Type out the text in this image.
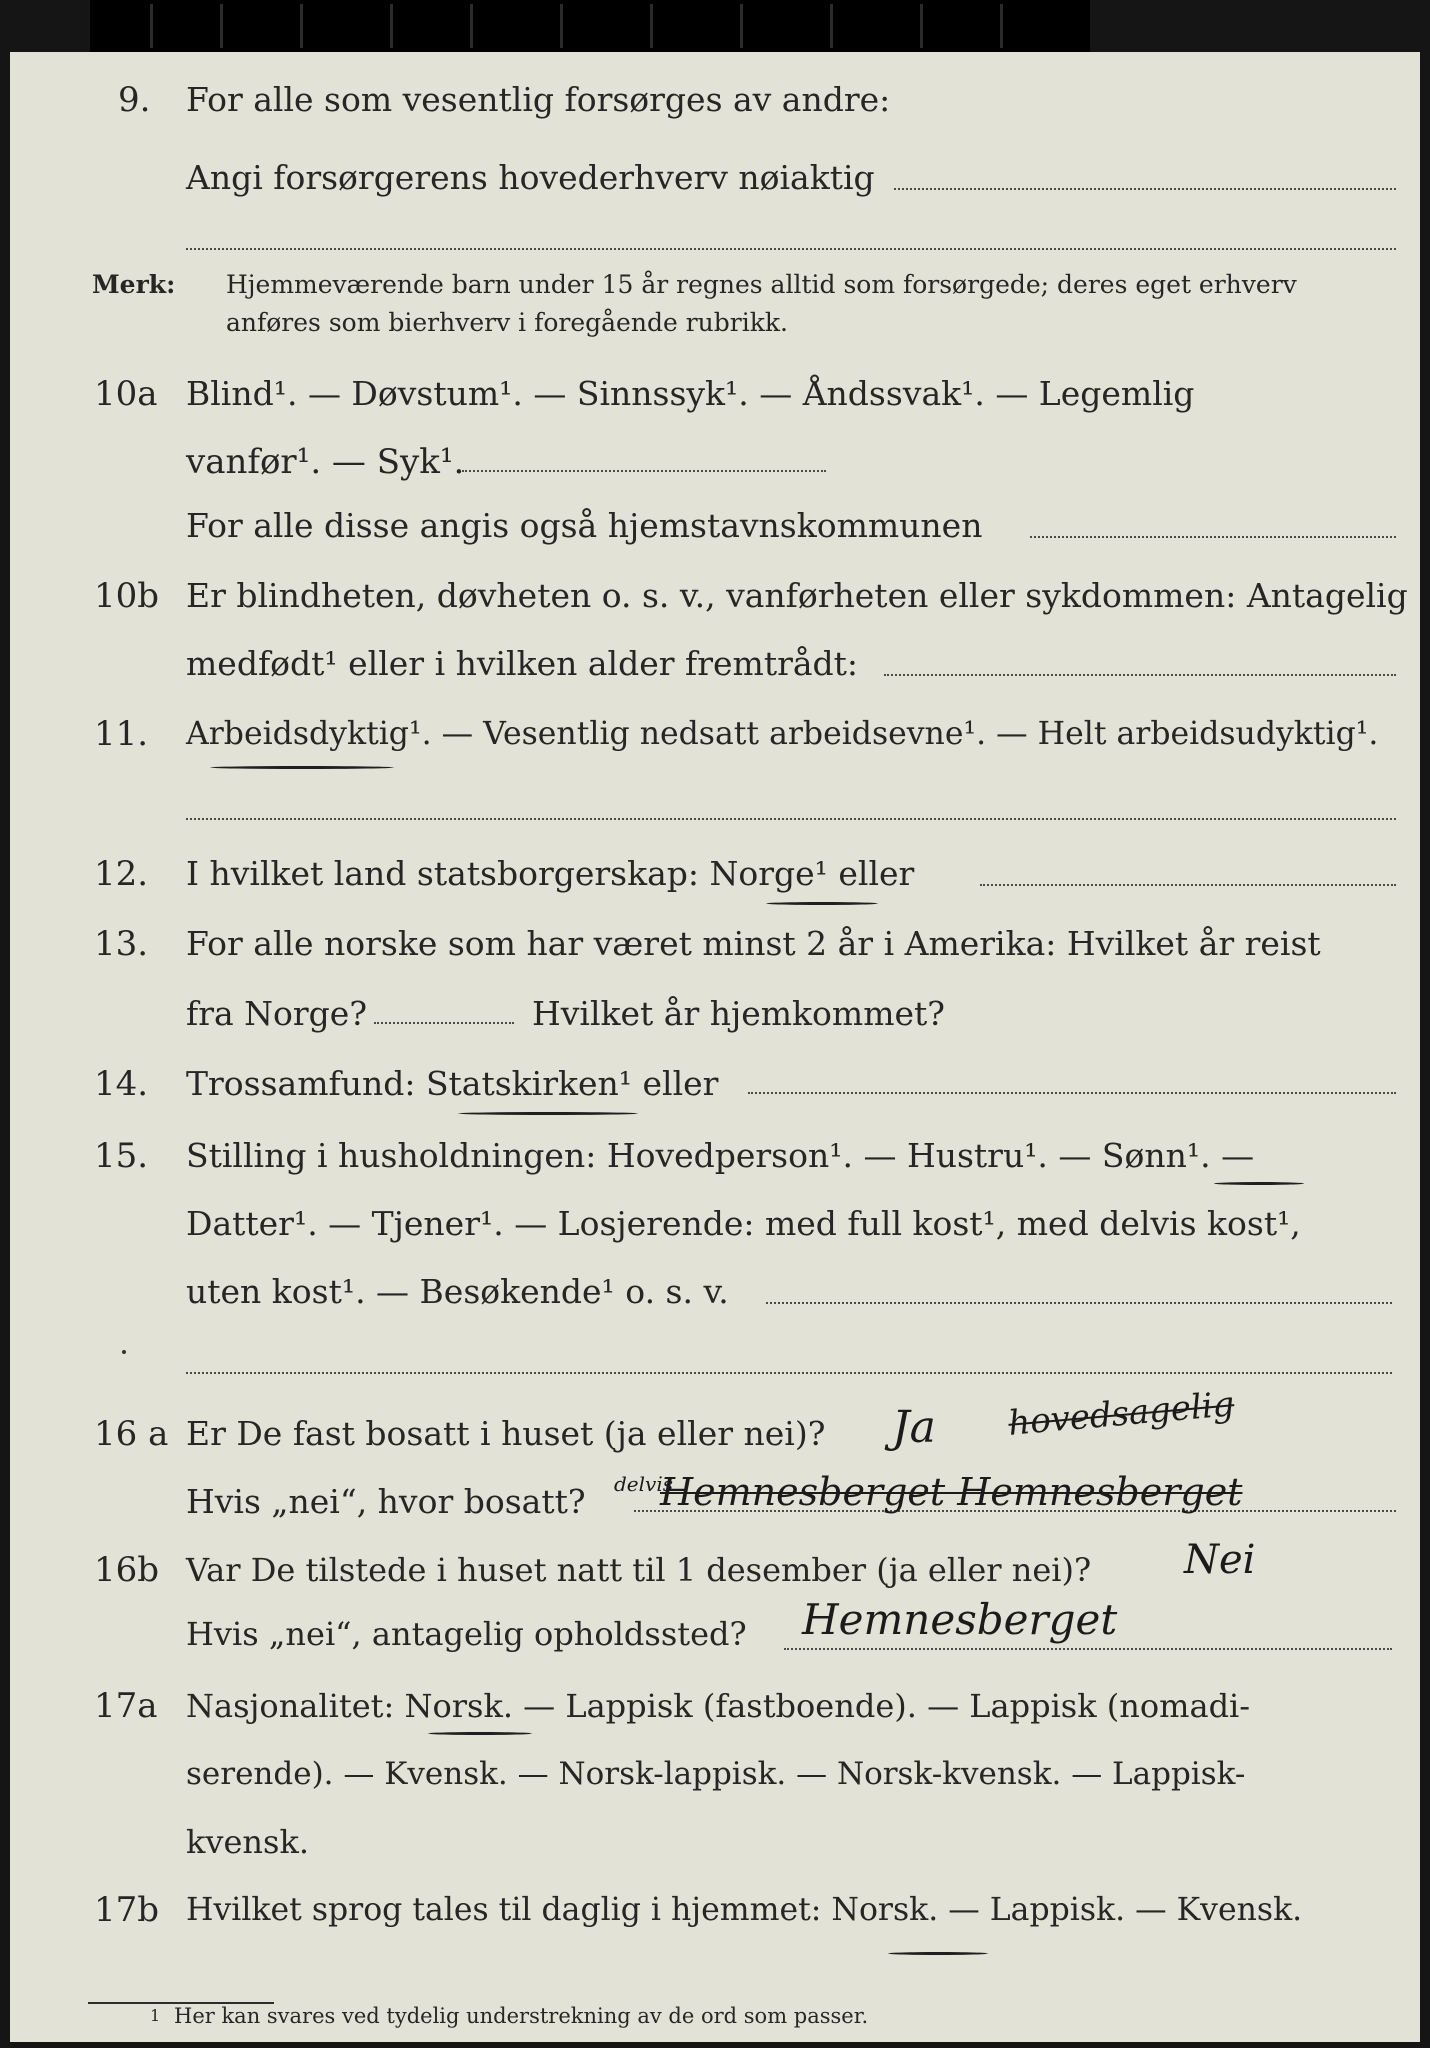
9. For alle som vesentlig forsørges av andre:
Angi forsørgerens hovederhverv nøiaktig
Merk: Hjemmeværende barn under 15 år regnes alltid som forsørgede; deres eget erhverv
anføres som bierhverv i foregående rubrikk.
10a Blind¹. — Døvstum¹. — Sinnssyk¹. — Åndssvak¹. — Legemlig
vanfør¹. — Syk¹.
For alle disse angis også hjemstavnskommunen
10b Er blindheten, døvheten o. s. v., vanførheten eller sykdommen: Antagelig
medfødt¹ eller i hvilken alder fremtrådt:
11. Arbeidsdyktig¹. — Vesentlig nedsatt arbeidsevne¹. — Helt arbeidsudyktig¹.
12. I hvilket land statsborgerskap: Norge¹ eller
13. For alle norske som har været minst 2 år i Amerika: Hvilket år reist
fra Norge?	Hvilket år hjemkommet?
14. Trossamfund: Statskirken¹ eller
15. Stilling i husholdningen: Hovedperson¹. — Hustru¹. — Sønn¹. —
Datter¹. — Tjener¹. — Losjerende: med full kost¹, med delvis kost¹,
uten kost¹. — Besøkende¹ o. s. v.
16 a Er De fast bosatt i huset (ja eller nei)? Ja hovedsagelig
Hvis „nei“, hvor bosatt? delvis
Hemnesberget Hemnesberget
16b Var De tilstede i huset natt til 1 desember (ja eller nei)? Nei
Hvis „nei“, antagelig opholdssted? Hemnesberget
17a Nasjonalitet: Norsk. — Lappisk (fastboende). — Lappisk (nomadi-
serende). — Kvensk. — Norsk-lappisk. — Norsk-kvensk. — Lappisk-
kvensk.
17b Hvilket sprog tales til daglig i hjemmet: Norsk. — Lappisk. — Kvensk.
1 Her kan svares ved tydelig understrekning av de ord som passer.
